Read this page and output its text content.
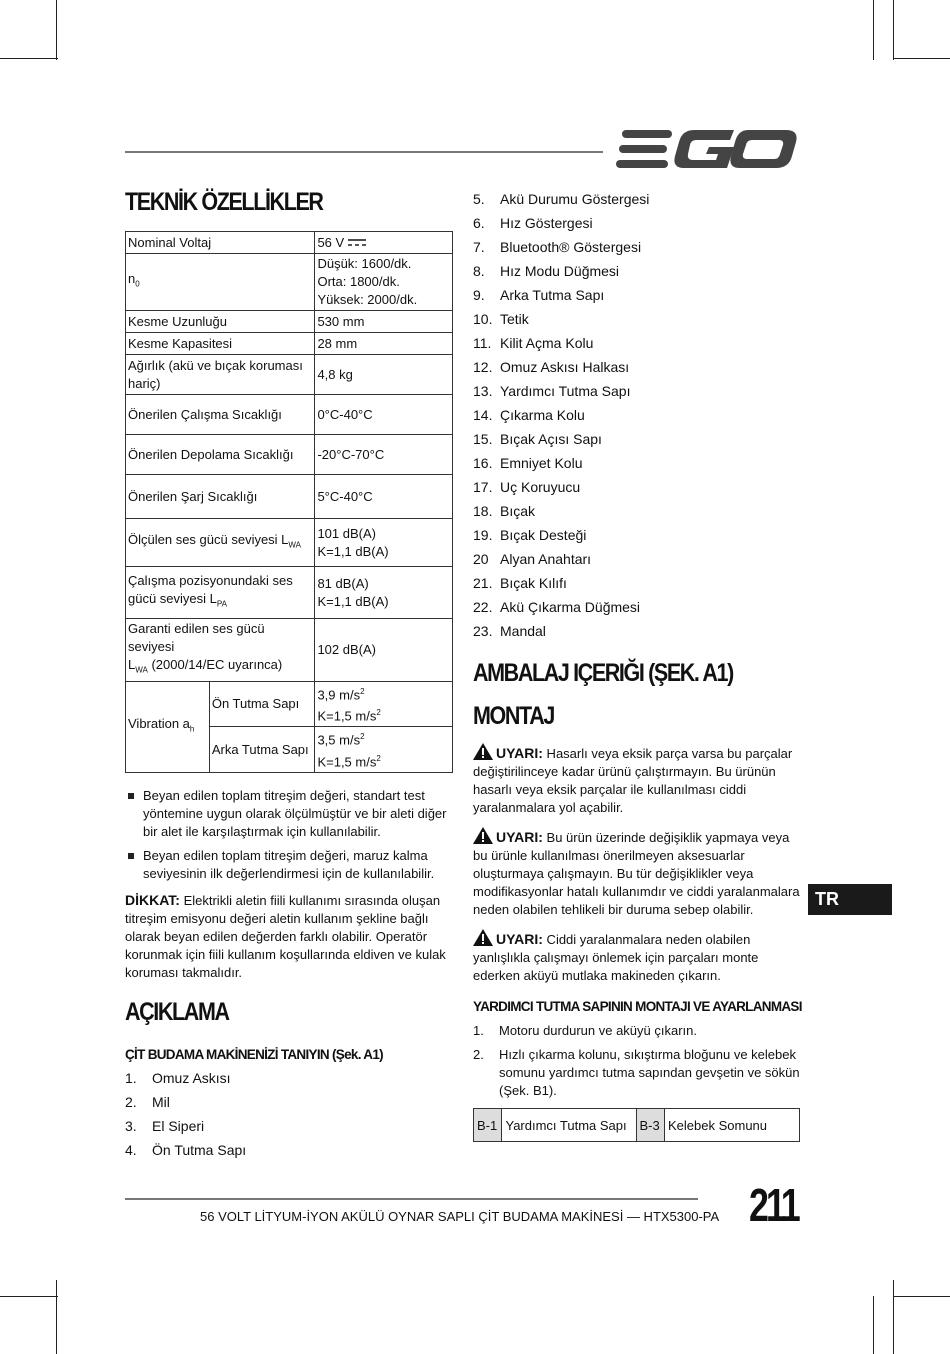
TEKNİK ÖZELLİKLER
Nominal Voltaj		56 V
$n_0$		Düşük: 1600/dk.
Orta: 1800/dk.
Yüksek: 2000/dk.

Kesme Uzunluğu		530 mm
Kesme Kapasitesi		28 mm
Ağırlık (akü ve bıçak koruması hariç)		4,8 kg
Önerilen Çalışma Sıcaklığı		0°C-40°C
Önerilen Depolama Sıcaklığı		-20°C-70°C
Önerilen Şarj Sıcaklığı		5°C-40°C
Ölçülen ses gücü seviyesi $L_{WA}$		101 dB(A)
K=1,1 dB(A)

Çalışma pozisyonundaki ses gücü seviyesi $L_{PA}$		81 dB(A)
K=1,1 dB(A)

Garanti edilen ses gücü seviyesi
$L_{WA}$ (2000/14/EC uyarınca)		102 dB(A)
Vibration $a_h$	Ön Tutma Sapı	3,9 $m/s^2$
K=1,5 $m/s^2$

	Arka Tutma Sapı	3,5 $m/s^2$
K=1,5 $m/s^2$
Beyan edilen toplam titreşim değeri, standart test yöntemine uygun olarak ölçülmüştür ve bir aleti diğer bir alet ile karşılaştırmak için kullanılabilir.
Beyan edilen toplam titreşim değeri, maruz kalma seviyesinin ilk değerlendirmesi için de kullanılabilir.

DİKKAT: Elektrikli aletin fiili kullanımı sırasında oluşan titreşim emisyonu değeri aletin kullanım şekline bağlı olarak beyan edilen değerden farklı olabilir. Operatör korunmak için fiili kullanım koşullarında eldiven ve kulak koruması takmalıdır.

AÇIKLAMA
ÇİT BUDAMA MAKİNENİZİ TANIYIN (Şek. A1)
1.	Omuz Askısı
2.	Mil
3.	El Siperi
4.	Ön Tutma Sapı
5.	Akü Durumu Göstergesi
6.	Hız Göstergesi
7.	Bluetooth® Göstergesi
8.	Hız Modu Düğmesi
9.	Arka Tutma Sapı
10. Tetik
11. Kilit Açma Kolu
12. Omuz Askısı Halkası
13. Yardımcı Tutma Sapı
14. Çıkarma Kolu
15. Bıçak Açısı Sapı
16. Emniyet Kolu
17. Uç Koruyucu
18. Bıçak
19. Bıçak Desteği
20 Alyan Anahtarı
21. Bıçak Kılıfı
22. Akü Çıkarma Düğmesi
23. Mandal
AMBALAJ IÇERIĞI (ŞEK. A1)
MONTAJ

UYARI: Hasarlı veya eksik parça varsa bu parçalar değiştirilinceye kadar ürünü çalıştırmayın. Bu ürünün hasarlı veya eksik parçalar ile kullanılması ciddi yaralanmalara yol açabilir.

UYARI: Bu ürün üzerinde değişiklik yapmaya veya bu ürünle kullanılması önerilmeyen aksesuarlar oluşturmaya çalışmayın. Bu tür değişiklikler veya modifikasyonlar hatalı kullanımdır ve ciddi yaralanmalara neden olabilen tehlikeli bir duruma sebep olabilir.

UYARI: Ciddi yaralanmalara neden olabilen yanlışlıkla çalışmayı önlemek için parçaları monte ederken aküyü mutlaka makineden çıkarın.

YARDIMCI TUTMA SAPININ MONTAJI VE AYARLANMASI
1.	Motoru durdurun ve aküyü çıkarın.
2.	Hızlı çıkarma kolunu, sıkıştırma bloğunu ve kelebek somunu yardımcı tutma sapından gevşetin ve sökün (Şek. B1).
B-1	Yardımcı Tutma Sapı	B-3	Kelebek Somunu
TR
56 VOLT LİTYUM-İYON AKÜLÜ OYNAR SAPLI ÇİT BUDAMA MAKİNESİ — HTX5300-PA 211
